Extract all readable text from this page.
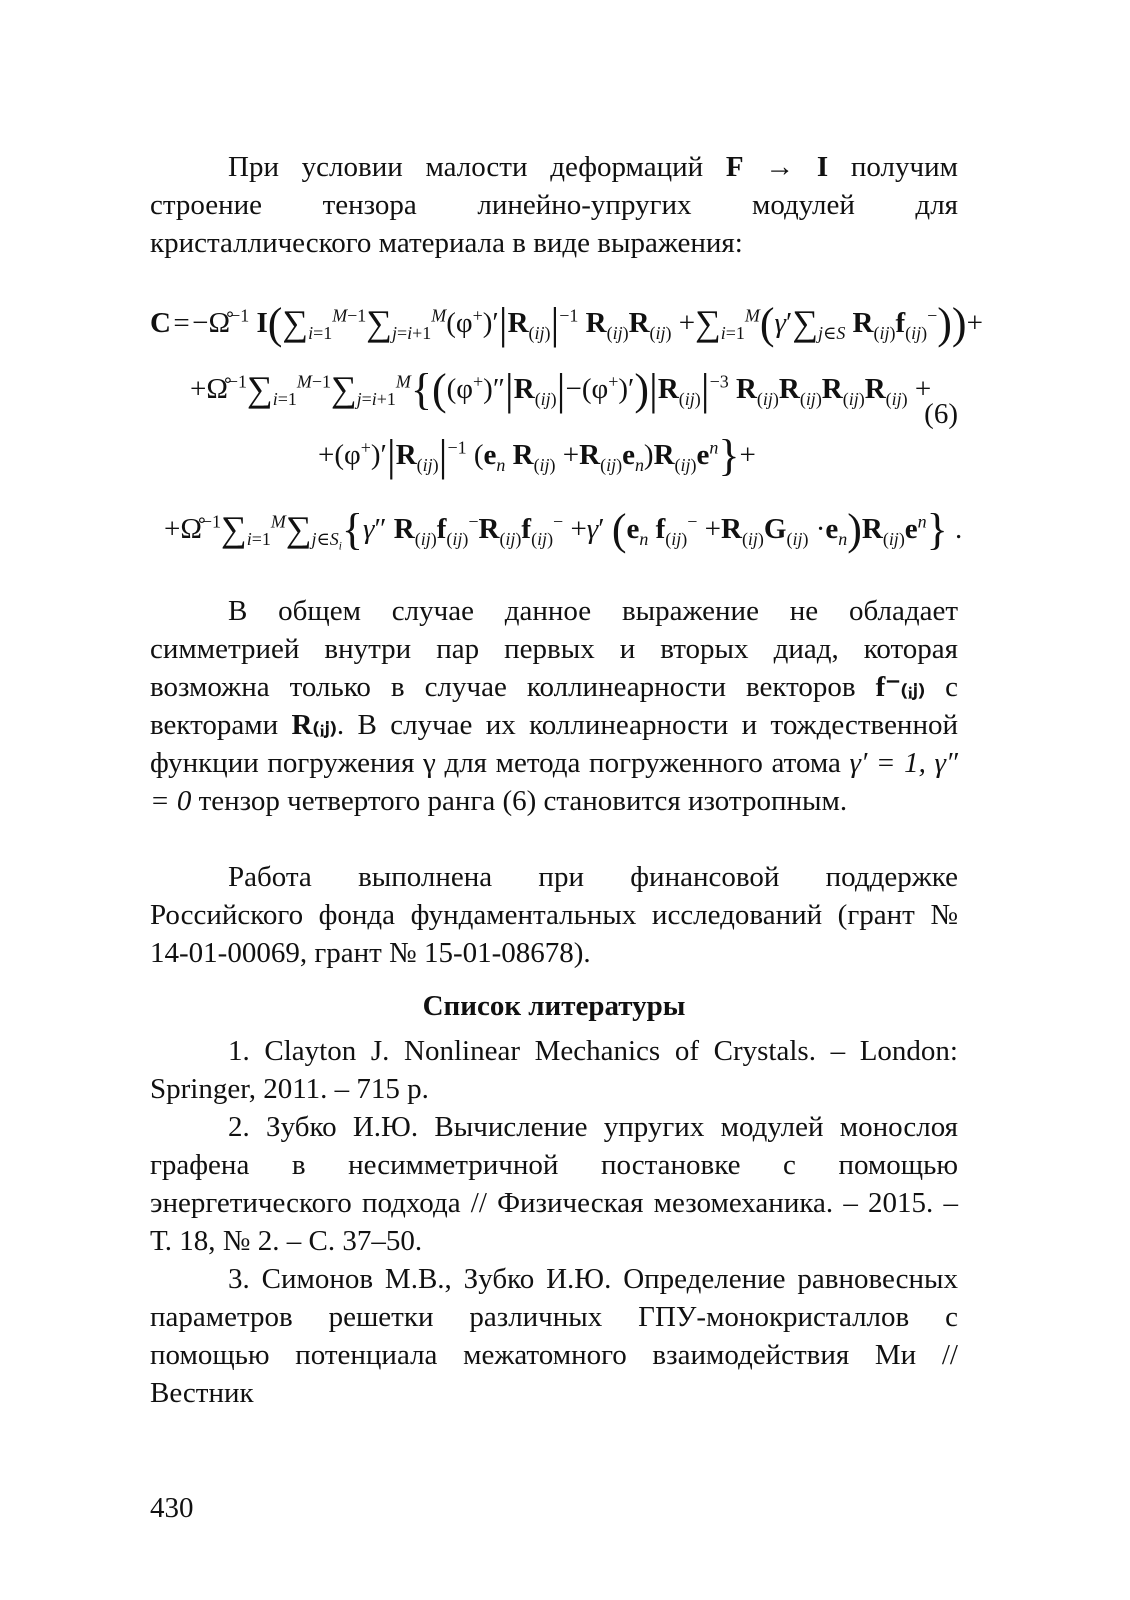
При условии малости деформаций F → I получим строение тензора линейно-упругих модулей для кристаллического материала в виде выражения:

C = −Ω̊$^{-1}$ $I(\sum_{i=1}^{M-1}\sum_{j=i+1}^M(\varphi^+)'|R_{(ij)}|^{-1}$ $R_{(ij)}R_{(ij)} +\sum_{i=1}^M(\gamma'\sum_{j\in S}$ $R_{(ij)}f_{(ij)}^-))+$
$+\Omegå^{-1}\sum_{i=1}^{M-1}\sum_{j=i+1}^M\{((\varphi^+)''|R_{(ij)}|-(\varphi^+)')|R_{(ij)}|^{-3}$ $R_{(ij)}R_{(ij)}R_{(ij)}R_{(ij)}$ +
$+(\varphi^+)'|R_{(ij)}|^{-1}$ ($e_n$ $R_{(ij)} +R_{(ij)}e_n)R_{(ij)}e^n\}+$
$+\Omegå^{-1}\sum_{i=1}^M\sum_{j\in S_i}\{\gamma''$ $R_{(ij)}f_{(ij)}^-R_{(ij)}f_{(ij)}^- +\gamma'$ ($e_n$ $f_{(ij)}^- +R_{(ij)}G_{(ij)} \cdot e_n)R_{(ij)}e^n$} .
(6)

В общем случае данное выражение не обладает симметрией внутри пар первых и вторых диад, которая возможна только в случае коллинеарности векторов f⁻₍ᵢⱼ₎ с векторами R₍ᵢⱼ₎. В случае их коллинеарности и тождественной функции погружения γ для метода погруженного атома γ′ = 1, γ″ = 0 тензор четвертого ранга (6) становится изотропным.

Работа выполнена при финансовой поддержке Российского фонда фундаментальных исследований (грант № 14-01-00069, грант № 15-01-08678).

Список литературы

1. Clayton J. Nonlinear Mechanics of Crystals. – London: Springer, 2011. – 715 p.

2. Зубко И.Ю. Вычисление упругих модулей монослоя графена в несимметричной постановке с помощью энергетического подхода // Физическая мезомеханика. – 2015. – Т. 18, № 2. – С. 37–50.

3. Симонов М.В., Зубко И.Ю. Определение равновесных параметров решетки различных ГПУ-монокристаллов с помощью потенциала межатомного взаимодействия Ми // Вестник

430
